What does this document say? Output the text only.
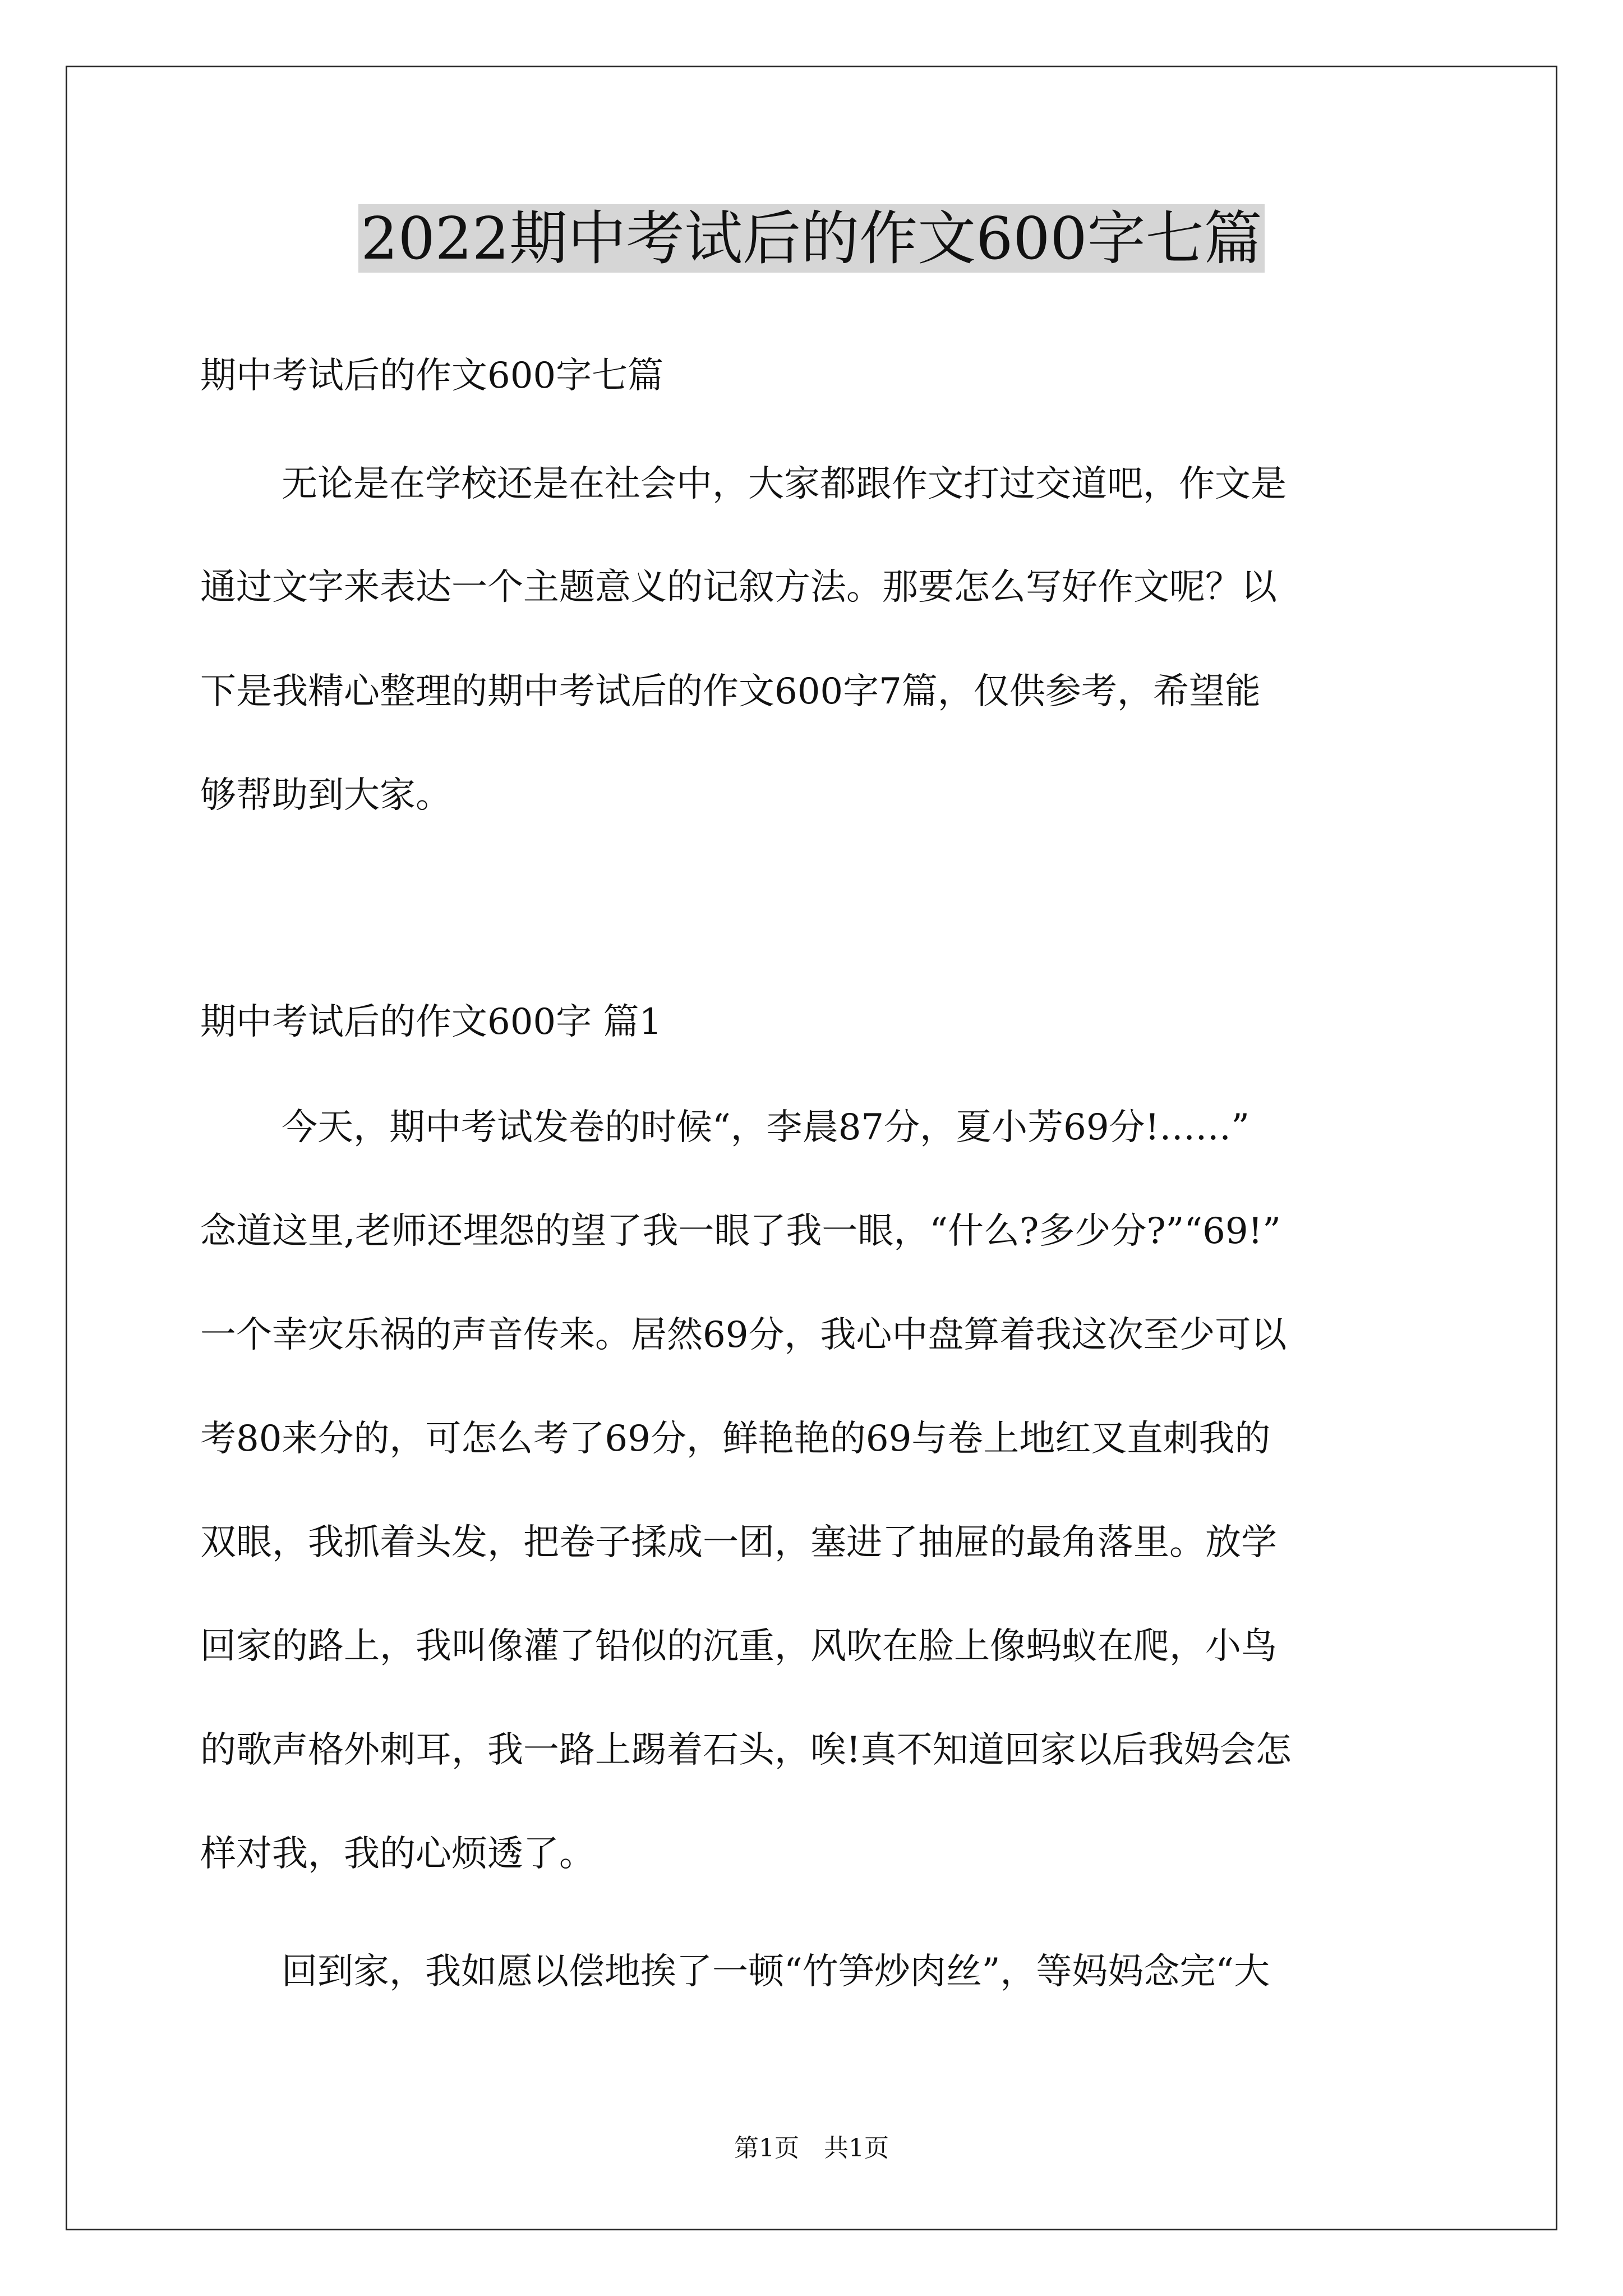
2022期中考试后的作文600字七篇
期中考试后的作文600字七篇
无论是在学校还是在社会中，大家都跟作文打过交道吧，作文是
通过文字来表达一个主题意义的记叙方法。那要怎么写好作文呢？以
下是我精心整理的期中考试后的作文600字7篇，仅供参考，希望能
够帮助到大家。
期中考试后的作文600字 篇1
今天，期中考试发卷的时候“，李晨87分，夏小芳69分!……”
念道这里,老师还埋怨的望了我一眼了我一眼，“什么?多少分?”“69!”
一个幸灾乐祸的声音传来。居然69分，我心中盘算着我这次至少可以
考80来分的，可怎么考了69分，鲜艳艳的69与卷上地红叉直刺我的
双眼，我抓着头发，把卷子揉成一团，塞进了抽屉的最角落里。放学
回家的路上，我叫像灌了铅似的沉重，风吹在脸上像蚂蚁在爬，小鸟
的歌声格外刺耳，我一路上踢着石头，唉!真不知道回家以后我妈会怎
样对我，我的心烦透了。
回到家，我如愿以偿地挨了一顿“竹笋炒肉丝”，等妈妈念完“大
第1页　共1页
